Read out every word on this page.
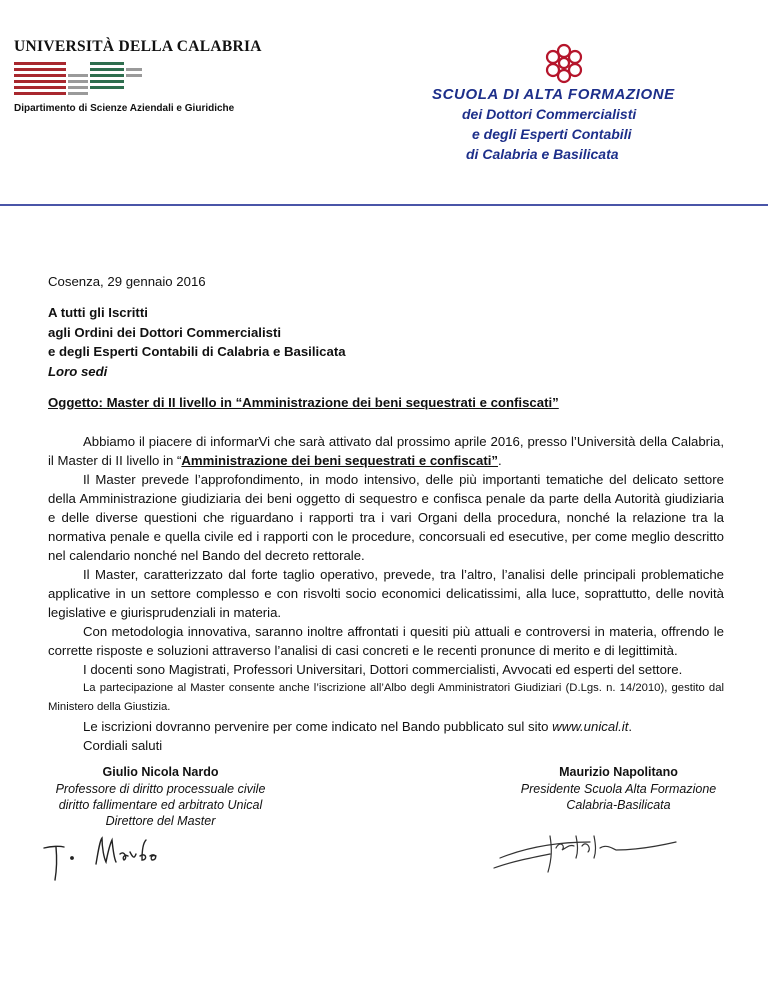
UNIVERSITÀ DELLA CALABRIA
Dipartimento di Scienze Aziendali e Giuridiche
SCUOLA DI ALTA FORMAZIONE
dei Dottori Commercialisti
e degli Esperti Contabili
di Calabria e Basilicata
Cosenza, 29 gennaio 2016
A tutti gli Iscritti
agli Ordini dei Dottori Commercialisti
e degli Esperti Contabili di Calabria e Basilicata
Loro sedi
Oggetto: Master di II livello in “Amministrazione dei beni sequestrati e confiscati”

Abbiamo il piacere di informarVi che sarà attivato dal prossimo aprile 2016, presso l’Università della Calabria, il Master di II livello in “Amministrazione dei beni sequestrati e confiscati”.

Il Master prevede l’approfondimento, in modo intensivo, delle più importanti tematiche del delicato settore della Amministrazione giudiziaria dei beni oggetto di sequestro e confisca penale da parte della Autorità giudiziaria e delle diverse questioni che riguardano i rapporti tra i vari Organi della procedura, nonché la relazione tra la normativa penale e quella civile ed i rapporti con le procedure, concorsuali ed esecutive, per come meglio descritto nel calendario nonché nel Bando del decreto rettorale.

Il Master, caratterizzato dal forte taglio operativo, prevede, tra l’altro, l’analisi delle principali problematiche applicative in un settore complesso e con risvolti socio economici delicatissimi, alla luce, soprattutto, delle novità legislative e giurisprudenziali in materia.

Con metodologia innovativa, saranno inoltre affrontati i quesiti più attuali e controversi in materia, offrendo le corrette risposte e soluzioni attraverso l’analisi di casi concreti e le recenti pronunce di merito e di legittimità.

I docenti sono Magistrati, Professori Universitari, Dottori commerciali​sti, Avvocati ed esperti del settore.

La partecipazione al Master consente anche l’iscrizione all’Albo degli Amministratori Giudiziari (D.Lgs. n. 14/2010), gestito dal Ministero della Giustizia.

Le iscrizioni dovranno pervenire per come indicato nel Bando pubblicato sul sito www.unical.it.

Cordiali saluti

Giulio Nicola Nardo
Professore di diritto processuale civile
diritto fallimentare ed arbitrato Unical
Direttore del Master
Maurizio Napolitano
Presidente Scuola Alta Formazione
Calabria-Basilicata
